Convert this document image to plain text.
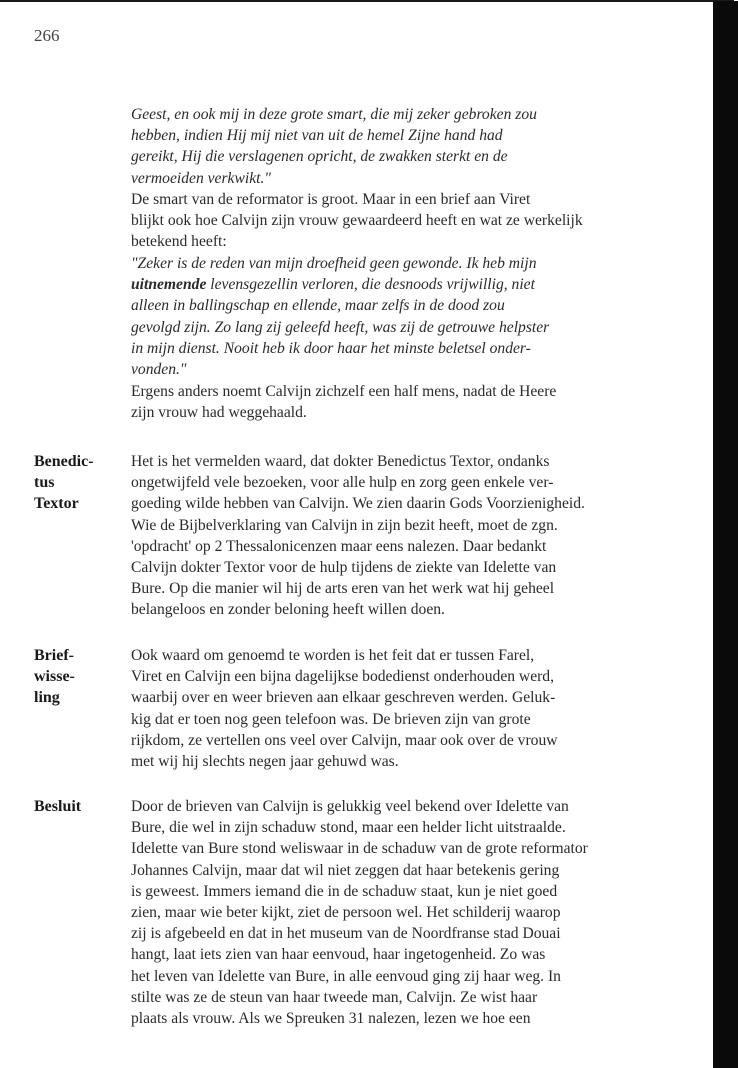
266

Geest, en ook mij in deze grote smart, die mij zeker gebroken zou
hebben, indien Hij mij niet van uit de hemel Zijne hand had
gereikt, Hij die verslagenen opricht, de zwakken sterkt en de
vermoeiden verkwikt."

De smart van de reformator is groot. Maar in een brief aan Viret
blijkt ook hoe Calvijn zijn vrouw gewaardeerd heeft en wat ze werkelijk
betekend heeft:

"Zeker is de reden van mijn droefheid geen gewonde. Ik heb mijn
uitnemende levensgezellin verloren, die desnoods vrijwillig, niet
alleen in ballingschap en ellende, maar zelfs in de dood zou
gevolgd zijn. Zo lang zij geleefd heeft, was zij de getrouwe helpster
in mijn dienst. Nooit heb ik door haar het minste beletsel onder-
vonden."

Ergens anders noemt Calvijn zichzelf een half mens, nadat de Heere
zijn vrouw had weggehaald.

Benedic-
tus
Textor

Het is het vermelden waard, dat dokter Benedictus Textor, ondanks
ongetwijfeld vele bezoeken, voor alle hulp en zorg geen enkele ver-
goeding wilde hebben van Calvijn. We zien daarin Gods Voorzienigheid.
Wie de Bijbelverklaring van Calvijn in zijn bezit heeft, moet de zgn.
'opdracht' op 2 Thessalonicenzen maar eens nalezen. Daar bedankt
Calvijn dokter Textor voor de hulp tijdens de ziekte van Idelette van
Bure. Op die manier wil hij de arts eren van het werk wat hij geheel
belangeloos en zonder beloning heeft willen doen.

Brief-
wisse-
ling

Ook waard om genoemd te worden is het feit dat er tussen Farel,
Viret en Calvijn een bijna dagelijkse bodedienst onderhouden werd,
waarbij over en weer brieven aan elkaar geschreven werden. Geluk-
kig dat er toen nog geen telefoon was. De brieven zijn van grote
rijkdom, ze vertellen ons veel over Calvijn, maar ook over de vrouw
met wij hij slechts negen jaar gehuwd was.

Besluit	Door de brieven van Calvijn is gelukkig veel bekend over Idelette van
Bure, die wel in zijn schaduw stond, maar een helder licht uitstraalde.
Idelette van Bure stond weliswaar in de schaduw van de grote reformator
Johannes Calvijn, maar dat wil niet zeggen dat haar betekenis gering
is geweest. Immers iemand die in de schaduw staat, kun je niet goed
zien, maar wie beter kijkt, ziet de persoon wel. Het schilderij waarop
zij is afgebeeld en dat in het museum van de Noordfranse stad Douai
hangt, laat iets zien van haar eenvoud, haar ingetogenheid. Zo was
het leven van Idelette van Bure, in alle eenvoud ging zij haar weg. In
stilte was ze de steun van haar tweede man, Calvijn. Ze wist haar
plaats als vrouw. Als we Spreuken 31 nalezen, lezen we hoe een
